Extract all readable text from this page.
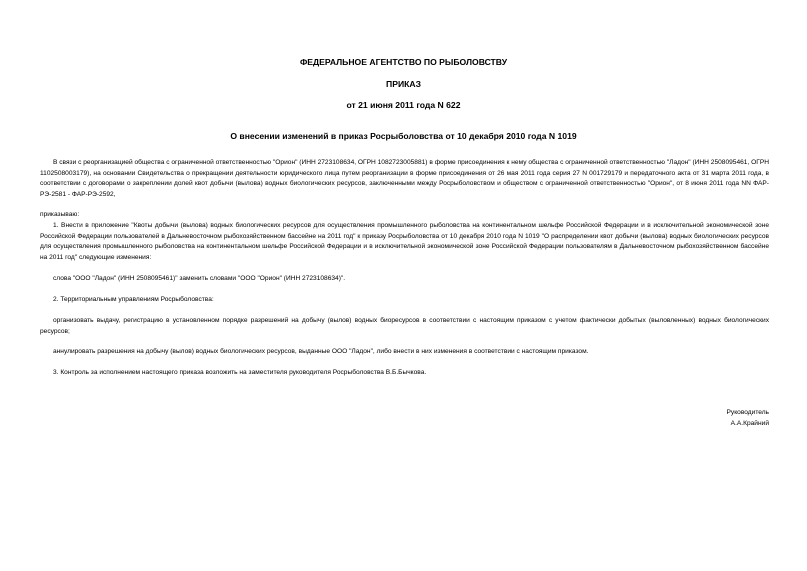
ФЕДЕРАЛЬНОЕ АГЕНТСТВО ПО РЫБОЛОВСТВУ
ПРИКАЗ
от 21 июня 2011 года N 622
О внесении изменений в приказ Росрыболовства от 10 декабря 2010 года N 1019
В связи с реорганизацией общества с ограниченной ответственностью "Орион" (ИНН 2723108634, ОГРН 1082723005881) в форме присоединения к нему общества с ограниченной ответственностью "Ладон" (ИНН 2508095461, ОГРН 1102508003179), на основании Свидетельства о прекращении деятельности юридического лица путем реорганизации в форме присоединения от 26 мая 2011 года серия 27 N 001729179 и передаточного акта от 31 марта 2011 года, в соответствии с договорами о закреплении долей квот добычи (вылова) водных биологических ресурсов, заключенными между Росрыболовством и обществом с ограниченной ответственностью "Орион", от 8 июня 2011 года NN ФАР-РЭ-2581 - ФАР-РЭ-2592,
приказываю:
1. Внести в приложение "Квоты добычи (вылова) водных биологических ресурсов для осуществления промышленного рыболовства на континентальном шельфе Российской Федерации и в исключительной экономической зоне Российской Федерации пользователей в Дальневосточном рыбохозяйственном бассейне на 2011 год" к приказу Росрыболовства от 10 декабря 2010 года N 1019 "О распределении квот добычи (вылова) водных биологических ресурсов для осуществления промышленного рыболовства на континентальном шельфе Российской Федерации и в исключительной экономической зоне Российской Федерации пользователям в Дальневосточном рыбохозяйственном бассейне на 2011 год" следующие изменения:
слова "ООО "Ладон" (ИНН 2508095461)" заменить словами "ООО "Орион" (ИНН 2723108634)".
2. Территориальным управлениям Росрыболовства:
организовать выдачу, регистрацию в установленном порядке разрешений на добычу (вылов) водных биоресурсов в соответствии с настоящим приказом с учетом фактически добытых (выловленных) водных биологических ресурсов;
аннулировать разрешения на добычу (вылов) водных биологических ресурсов, выданные ООО "Ладон", либо внести в них изменения в соответствии с настоящим приказом.
3. Контроль за исполнением настоящего приказа возложить на заместителя руководителя Росрыболовства В.Б.Бычкова.
Руководитель
А.А.Крайний
